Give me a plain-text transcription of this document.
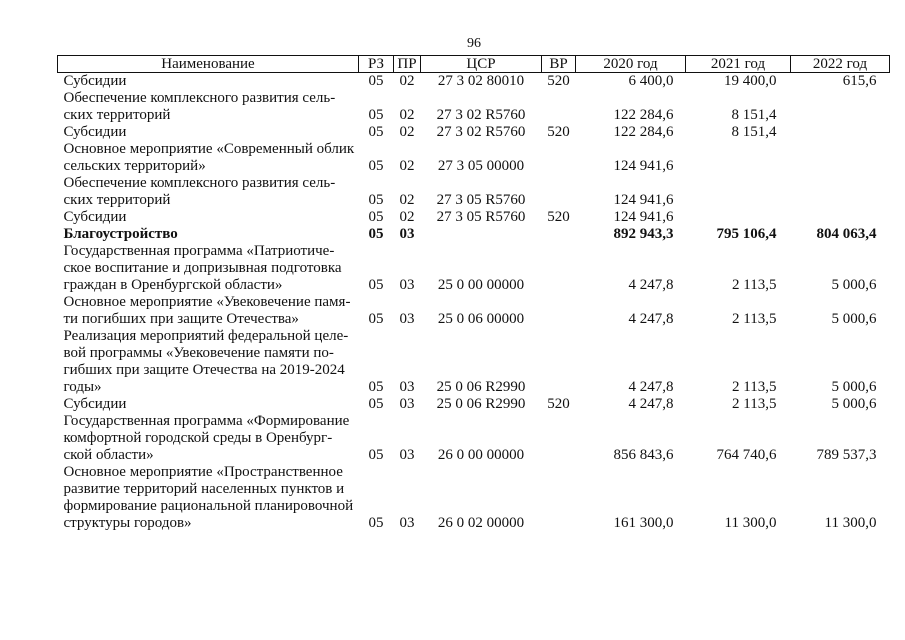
96
Наименование	РЗ	ПР	ЦСР	ВР	2020 год	2021 год	2022 год

Субсидии	05	02	27 3 02 80010	520	6 400,0	19 400,0	615,6

Обеспечение комплексного развития сель-
ских территорий	05	02	27 3 02 R5760		122 284,6	8 151,4	

Субсидии	05	02	27 3 02 R5760	520	122 284,6	8 151,4	

Основное мероприятие «Современный облик
сельских территорий»	05	02	27 3 05 00000		124 941,6		

Обеспечение комплексного развития сель-
ских территорий	05	02	27 3 05 R5760		124 941,6		

Субсидии	05	02	27 3 05 R5760	520	124 941,6		

Благоустройство	05	03			892 943,3	795 106,4	804 063,4

Государственная программа «Патриотиче-
ское воспитание и допризывная подготовка
граждан в Оренбургской области»	05	03	25 0 00 00000		4 247,8	2 113,5	5 000,6

Основное мероприятие «Увековечение памя-
ти погибших при защите Отечества»	05	03	25 0 06 00000		4 247,8	2 113,5	5 000,6

Реализация мероприятий федеральной целе-
вой программы «Увековечение памяти по-
гибших при защите Отечества на 2019-2024
годы»	05	03	25 0 06 R2990		4 247,8	2 113,5	5 000,6

Субсидии	05	03	25 0 06 R2990	520	4 247,8	2 113,5	5 000,6

Государственная программа «Формирование
комфортной городской среды в Оренбург-
ской области»	05	03	26 0 00 00000		856 843,6	764 740,6	789 537,3

Основное мероприятие «Пространственное
развитие территорий населенных пунктов и
формирование рациональной планировочной
структуры городов»	05	03	26 0 02 00000		161 300,0	11 300,0	11 300,0
